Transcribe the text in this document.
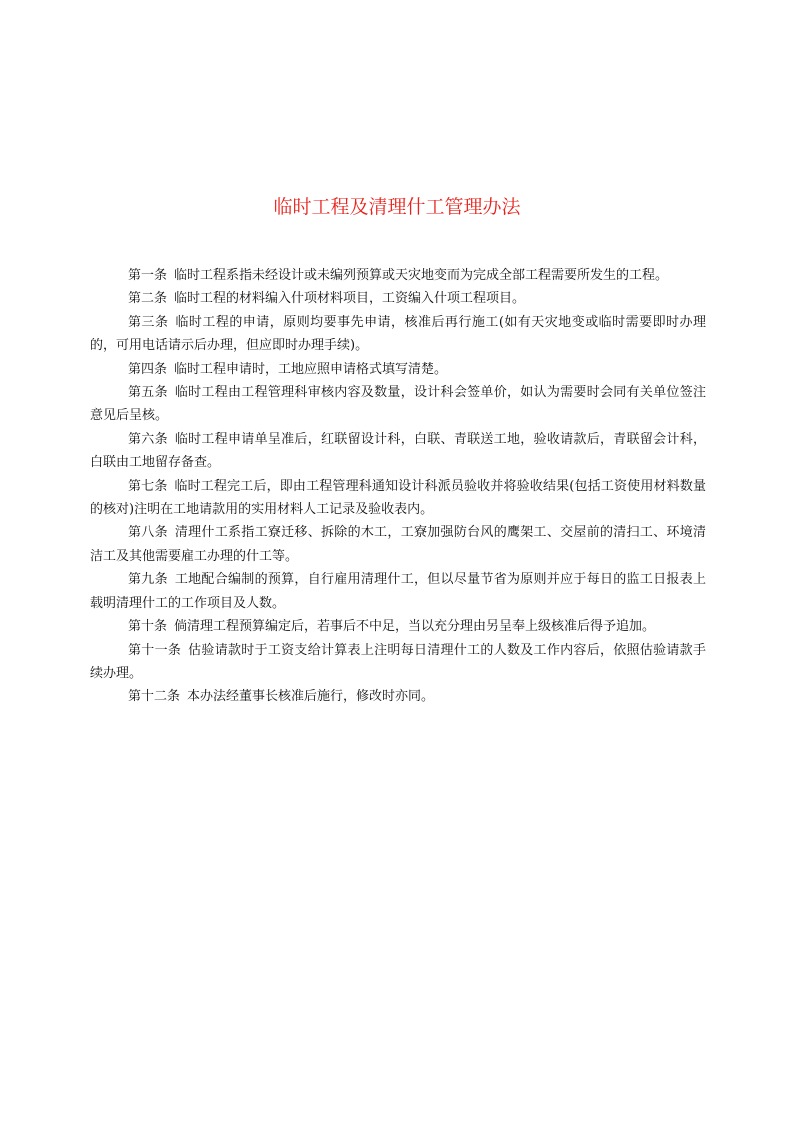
临时工程及清理什工管理办法
第一条 临时工程系指未经设计或未编列预算或天灾地变而为完成全部工程需要所发生的工程。
第二条 临时工程的材料编入什项材料项目，工资编入什项工程项目。
第三条 临时工程的申请，原则均要事先申请，核准后再行施工(如有天灾地变或临时需要即时办理的，可用电话请示后办理，但应即时办理手续)。
第四条 临时工程申请时，工地应照申请格式填写清楚。
第五条 临时工程由工程管理科审核内容及数量，设计科会签单价，如认为需要时会同有关单位签注意见后呈核。
第六条 临时工程申请单呈准后，红联留设计科，白联、青联送工地，验收请款后，青联留会计科，白联由工地留存备查。
第七条 临时工程完工后，即由工程管理科通知设计科派员验收并将验收结果(包括工资使用材料数量的核对)注明在工地请款用的实用材料人工记录及验收表内。
第八条 清理什工系指工寮迁移、拆除的木工，工寮加强防台风的鹰架工、交屋前的清扫工、环境清洁工及其他需要雇工办理的什工等。
第九条 工地配合编制的预算，自行雇用清理什工，但以尽量节省为原则并应于每日的监工日报表上载明清理什工的工作项目及人数。
第十条 倘清理工程预算编定后，若事后不中足，当以充分理由另呈奉上级核准后得予追加。
第十一条 估验请款时于工资支给计算表上注明每日清理什工的人数及工作内容后，依照估验请款手续办理。
第十二条 本办法经董事长核准后施行，修改时亦同。
